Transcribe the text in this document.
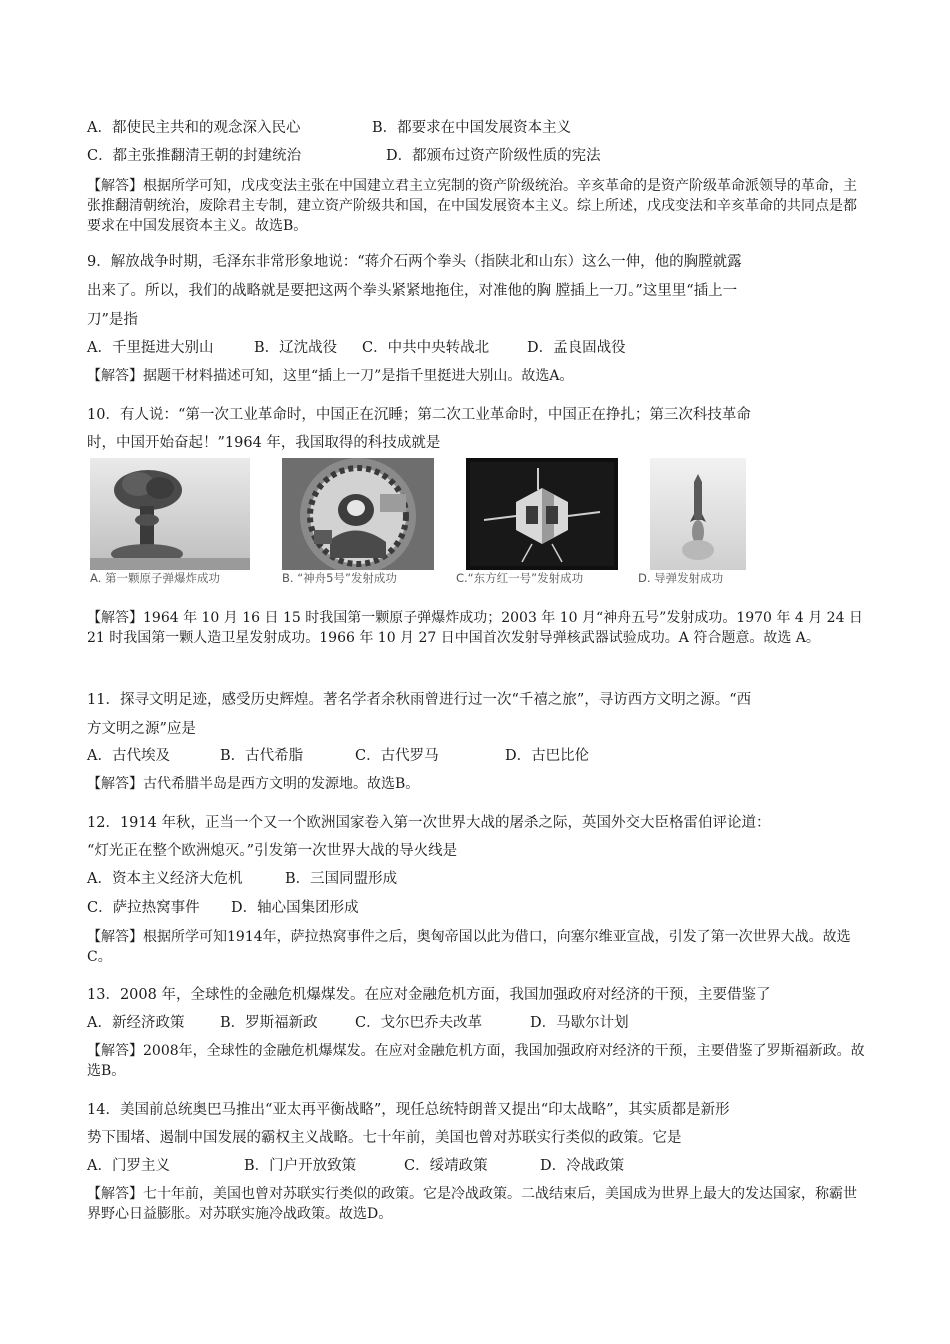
A．都使民主共和的观念深入民心	B．都要求在中国发展资本主义
C．都主张推翻清王朝的封建统治	D．都颁布过资产阶级性质的宪法
【解答】根据所学可知，戊戌变法主张在中国建立君主立宪制的资产阶级统治。辛亥革命的是资产阶级革命派领导的革命，主张推翻清朝统治，废除君主专制，建立资产阶级共和国，在中国发展资本主义。综上所述，戊戌变法和辛亥革命的共同点是都要求在中国发展资本主义。故选B。
9．解放战争时期，毛泽东非常形象地说：“蒋介石两个拳头（指陕北和山东）这么一伸，他的胸膛就露
出来了。所以，我们的战略就是要把这两个拳头紧紧地拖住，对准他的胸 膛插上一刀。”这里里“插上一
刀”是指
A．千里挺进大别山	B．辽沈战役 C．中共中央转战北	D．孟良固战役
【解答】据题干材料描述可知，这里“插上一刀”是指千里挺进大别山。故选A。
10．有人说：“第一次工业革命时，中国正在沉睡；第二次工业革命时，中国正在挣扎；第三次科技革命
时，中国开始奋起！”1964 年，我国取得的科技成就是
A. 第一颗原子弹爆炸成功	B. “神舟5号”发射成功	C.“东方红一号”发射成功	D. 导弹发射成功
【解答】1964 年 10 月 16 日 15 时我国第一颗原子弹爆炸成功；2003 年 10 月“神舟五号”发射成功。1970 年 4 月 24 日 21 时我国第一颗人造卫星发射成功。1966 年 10 月 27 日中国首次发射导弹核武器试验成功。A 符合题意。故选 A。
11．探寻文明足迹，感受历史辉煌。著名学者余秋雨曾进行过一次“千禧之旅”，寻访西方文明之源。“西
方文明之源”应是
A．古代埃及	B．古代希脂	C．古代罗马	D．古巴比伦
【解答】古代希腊半岛是西方文明的发源地。故选B。
12．1914 年秋，正当一个又一个欧洲国家卷入第一次世界大战的屠杀之际，英国外交大臣格雷伯评论道：
“灯光正在整个欧洲熄灭。”引发第一次世界大战的导火线是
A．资本主义经济大危机	B．三国同盟形成
C．萨拉热窝事件 D．轴心国集团形成
【解答】根据所学可知1914年，萨拉热窝事件之后，奥匈帝国以此为借口，向塞尔维亚宣战，引发了第一次世界大战。故选C。
13．2008 年，全球性的金融危机爆煤发。在应对金融危机方面，我国加强政府对经济的干预，主要借鉴了
A．新经济政策 B．罗斯福新政	C．戈尔巴乔夫改革	D．马歇尔计划
【解答】2008年，全球性的金融危机爆煤发。在应对金融危机方面，我国加强政府对经济的干预，主要借鉴了罗斯福新政。故选B。
14．美国前总统奥巴马推出“亚太再平衡战略”，现任总统特朗普又提出“印太战略”，其实质都是新形
势下围堵、遏制中国发展的霸权主义战略。七十年前，美国也曾对苏联实行类似的政策。它是
A．门罗主义	B．门户开放致策	C．绥靖政策	D．冷战政策
【解答】七十年前，美国也曾对苏联实行类似的政策。它是冷战政策。二战结束后，美国成为世界上最大的发达国家，称霸世界野心日益膨胀。对苏联实施冷战政策。故选D。
